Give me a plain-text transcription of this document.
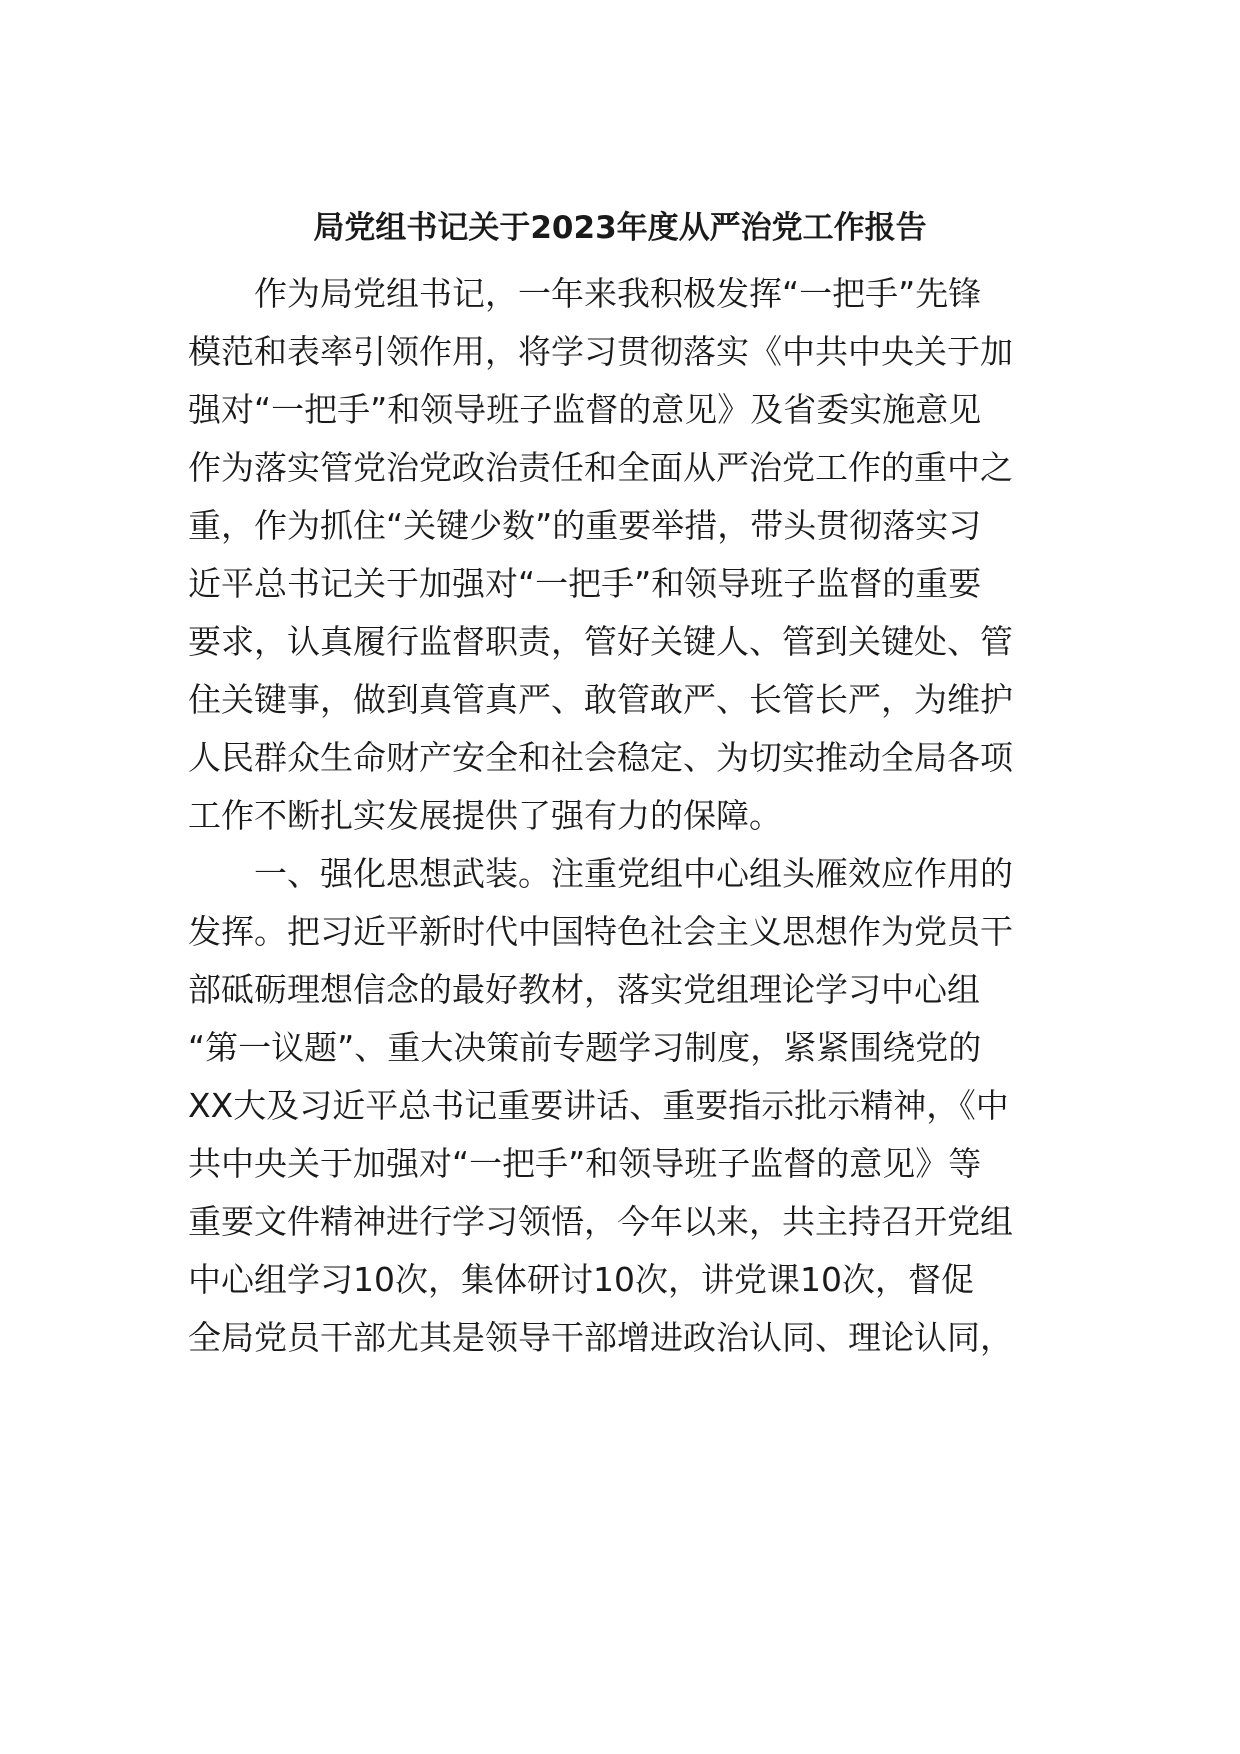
局党组书记关于2023年度从严治党工作报告
　　作为局党组书记，一年来我积极发挥“一把手”先锋
模范和表率引领作用，将学习贯彻落实《中共中央关于加
强对“一把手”和领导班子监督的意见》及省委实施意见
作为落实管党治党政治责任和全面从严治党工作的重中之
重，作为抓住“关键少数”的重要举措，带头贯彻落实习
近平总书记关于加强对“一把手”和领导班子监督的重要
要求，认真履行监督职责，管好关键人、管到关键处、管
住关键事，做到真管真严、敢管敢严、长管长严，为维护
人民群众生命财产安全和社会稳定、为切实推动全局各项
工作不断扎实发展提供了强有力的保障。
　　一、强化思想武装。注重党组中心组头雁效应作用的
发挥。把习近平新时代中国特色社会主义思想作为党员干
部砥砺理想信念的最好教材，落实党组理论学习中心组
“第一议题”、重大决策前专题学习制度，紧紧围绕党的
XX大及习近平总书记重要讲话、重要指示批示精神，《中
共中央关于加强对“一把手”和领导班子监督的意见》等
重要文件精神进行学习领悟，今年以来，共主持召开党组
中心组学习10次，集体研讨10次，讲党课10次，督促
全局党员干部尤其是领导干部增进政治认同、理论认同，
